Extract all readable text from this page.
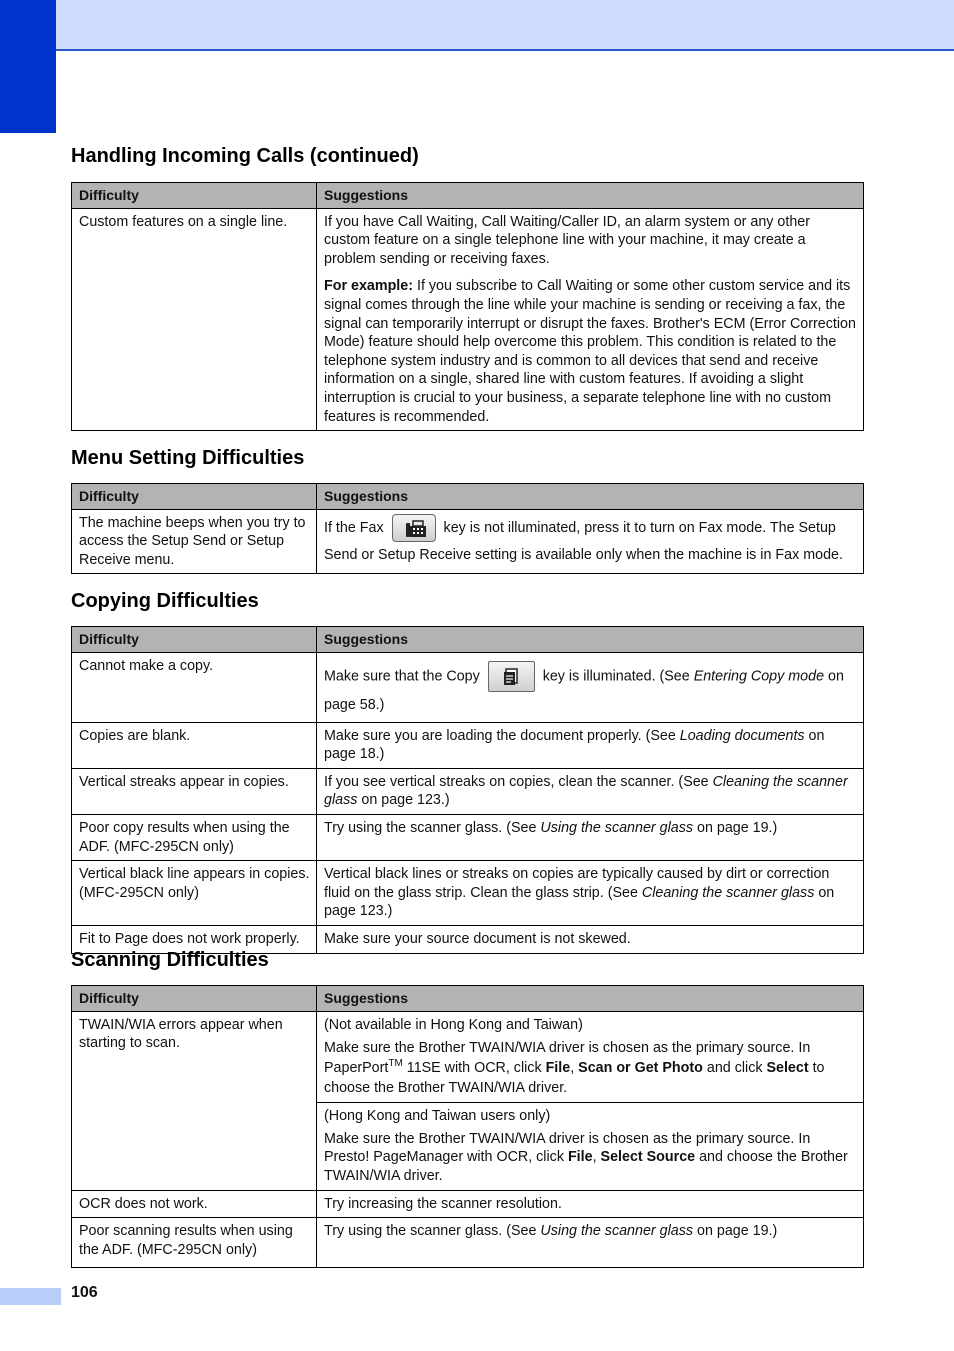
Handling Incoming Calls (continued)
Difficulty	Suggestions
Custom features on a single line.	If you have Call Waiting, Call Waiting/Caller ID, an alarm system or any other custom feature on a single telephone line with your machine, it may create a problem sending or receiving faxes.

For example: If you subscribe to Call Waiting or some other custom service and its signal comes through the line while your machine is sending or receiving a fax, the signal can temporarily interrupt or disrupt the faxes. Brother's ECM (Error Correction Mode) feature should help overcome this problem. This condition is related to the telephone system industry and is common to all devices that send and receive information on a single, shared line with custom features. If avoiding a slight interruption is crucial to your business, a separate telephone line with no custom features is recommended.

Menu Setting Difficulties
Difficulty	Suggestions
The machine beeps when you try to access the Setup Send or Setup Receive menu.	If the Fax key is not illuminated, press it to turn on Fax mode. The Setup Send or Setup Receive setting is available only when the machine is in Fax mode.
Copying Difficulties
Difficulty	Suggestions
Cannot make a copy.	Make sure that the Copy key is illuminated. (See Entering Copy mode on page 58.)
Copies are blank.	Make sure you are loading the document properly. (See Loading documents on page 18.)
Vertical streaks appear in copies.	If you see vertical streaks on copies, clean the scanner. (See Cleaning the scanner glass on page 123.)
Poor copy results when using the ADF. (MFC-295CN only)	Try using the scanner glass. (See Using the scanner glass on page 19.)
Vertical black line appears in copies. (MFC-295CN only)	Vertical black lines or streaks on copies are typically caused by dirt or correction fluid on the glass strip. Clean the glass strip. (See Cleaning the scanner glass on page 123.)
Fit to Page does not work properly.	Make sure your source document is not skewed.
Scanning Difficulties
Difficulty	Suggestions
TWAIN/WIA errors appear when starting to scan.	(Not available in Hong Kong and Taiwan)

Make sure the Brother TWAIN/WIA driver is chosen as the primary source. In PaperPort™ 11SE with OCR, click File, Scan or Get Photo and click Select to choose the Brother TWAIN/WIA driver.

	(Hong Kong and Taiwan users only)

Make sure the Brother TWAIN/WIA driver is chosen as the primary source. In Presto! PageManager with OCR, click File, Select Source and choose the Brother TWAIN/WIA driver.

OCR does not work.	Try increasing the scanner resolution.
Poor scanning results when using the ADF. (MFC-295CN only)	Try using the scanner glass. (See Using the scanner glass on page 19.)
106
